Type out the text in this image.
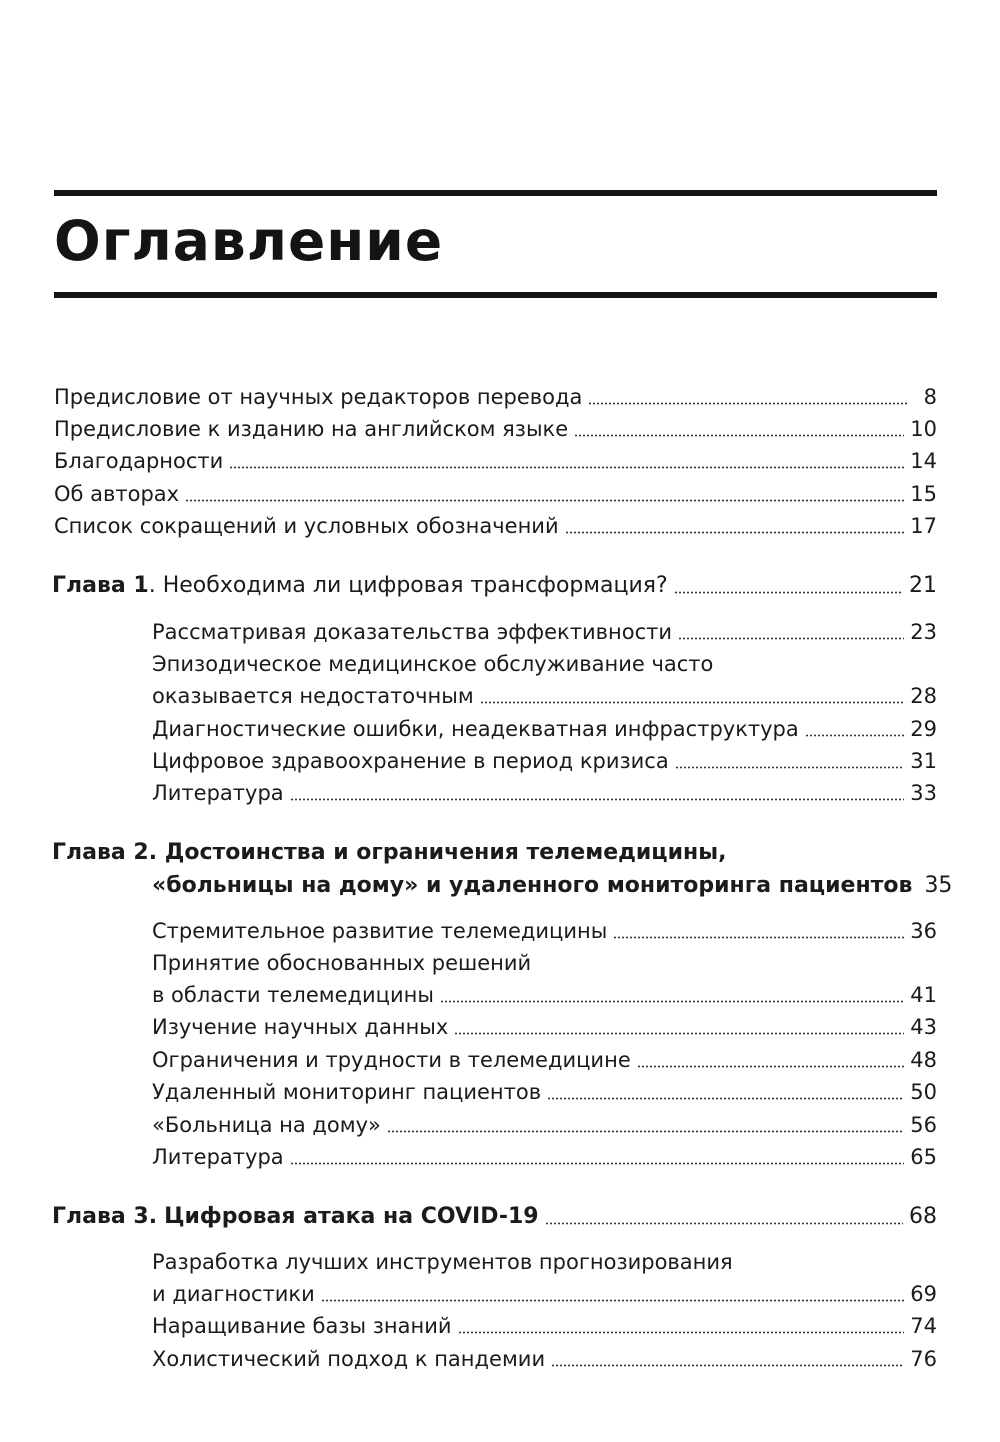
Оглавление
Предисловие от научных редакторов перевода	8
Предисловие к изданию на английском языке	10
Благодарности	14
Об авторах	15
Список сокращений и условных обозначений	17
Глава 1. Необходима ли цифровая трансформация?	21
Рассматривая доказательства эффективности	23
Эпизодическое медицинское обслуживание часто
оказывается недостаточным	28
Диагностические ошибки, неадекватная инфраструктура	29
Цифровое здравоохранение в период кризиса	31
Литература	33
Глава 2. Достоинства и ограничения телемедицины,
«больницы на дому» и удаленного мониторинга пациентов 35
Стремительное развитие телемедицины	36
Принятие обоснованных решений
в области телемедицины	41
Изучение научных данных	43
Ограничения и трудности в телемедицине	48
Удаленный мониторинг пациентов	50
«Больница на дому»	56
Литература	65
Глава 3. Цифровая атака на COVID-19	68
Разработка лучших инструментов прогнозирования
и диагностики	69
Наращивание базы знаний	74
Холистический подход к пандемии	76
